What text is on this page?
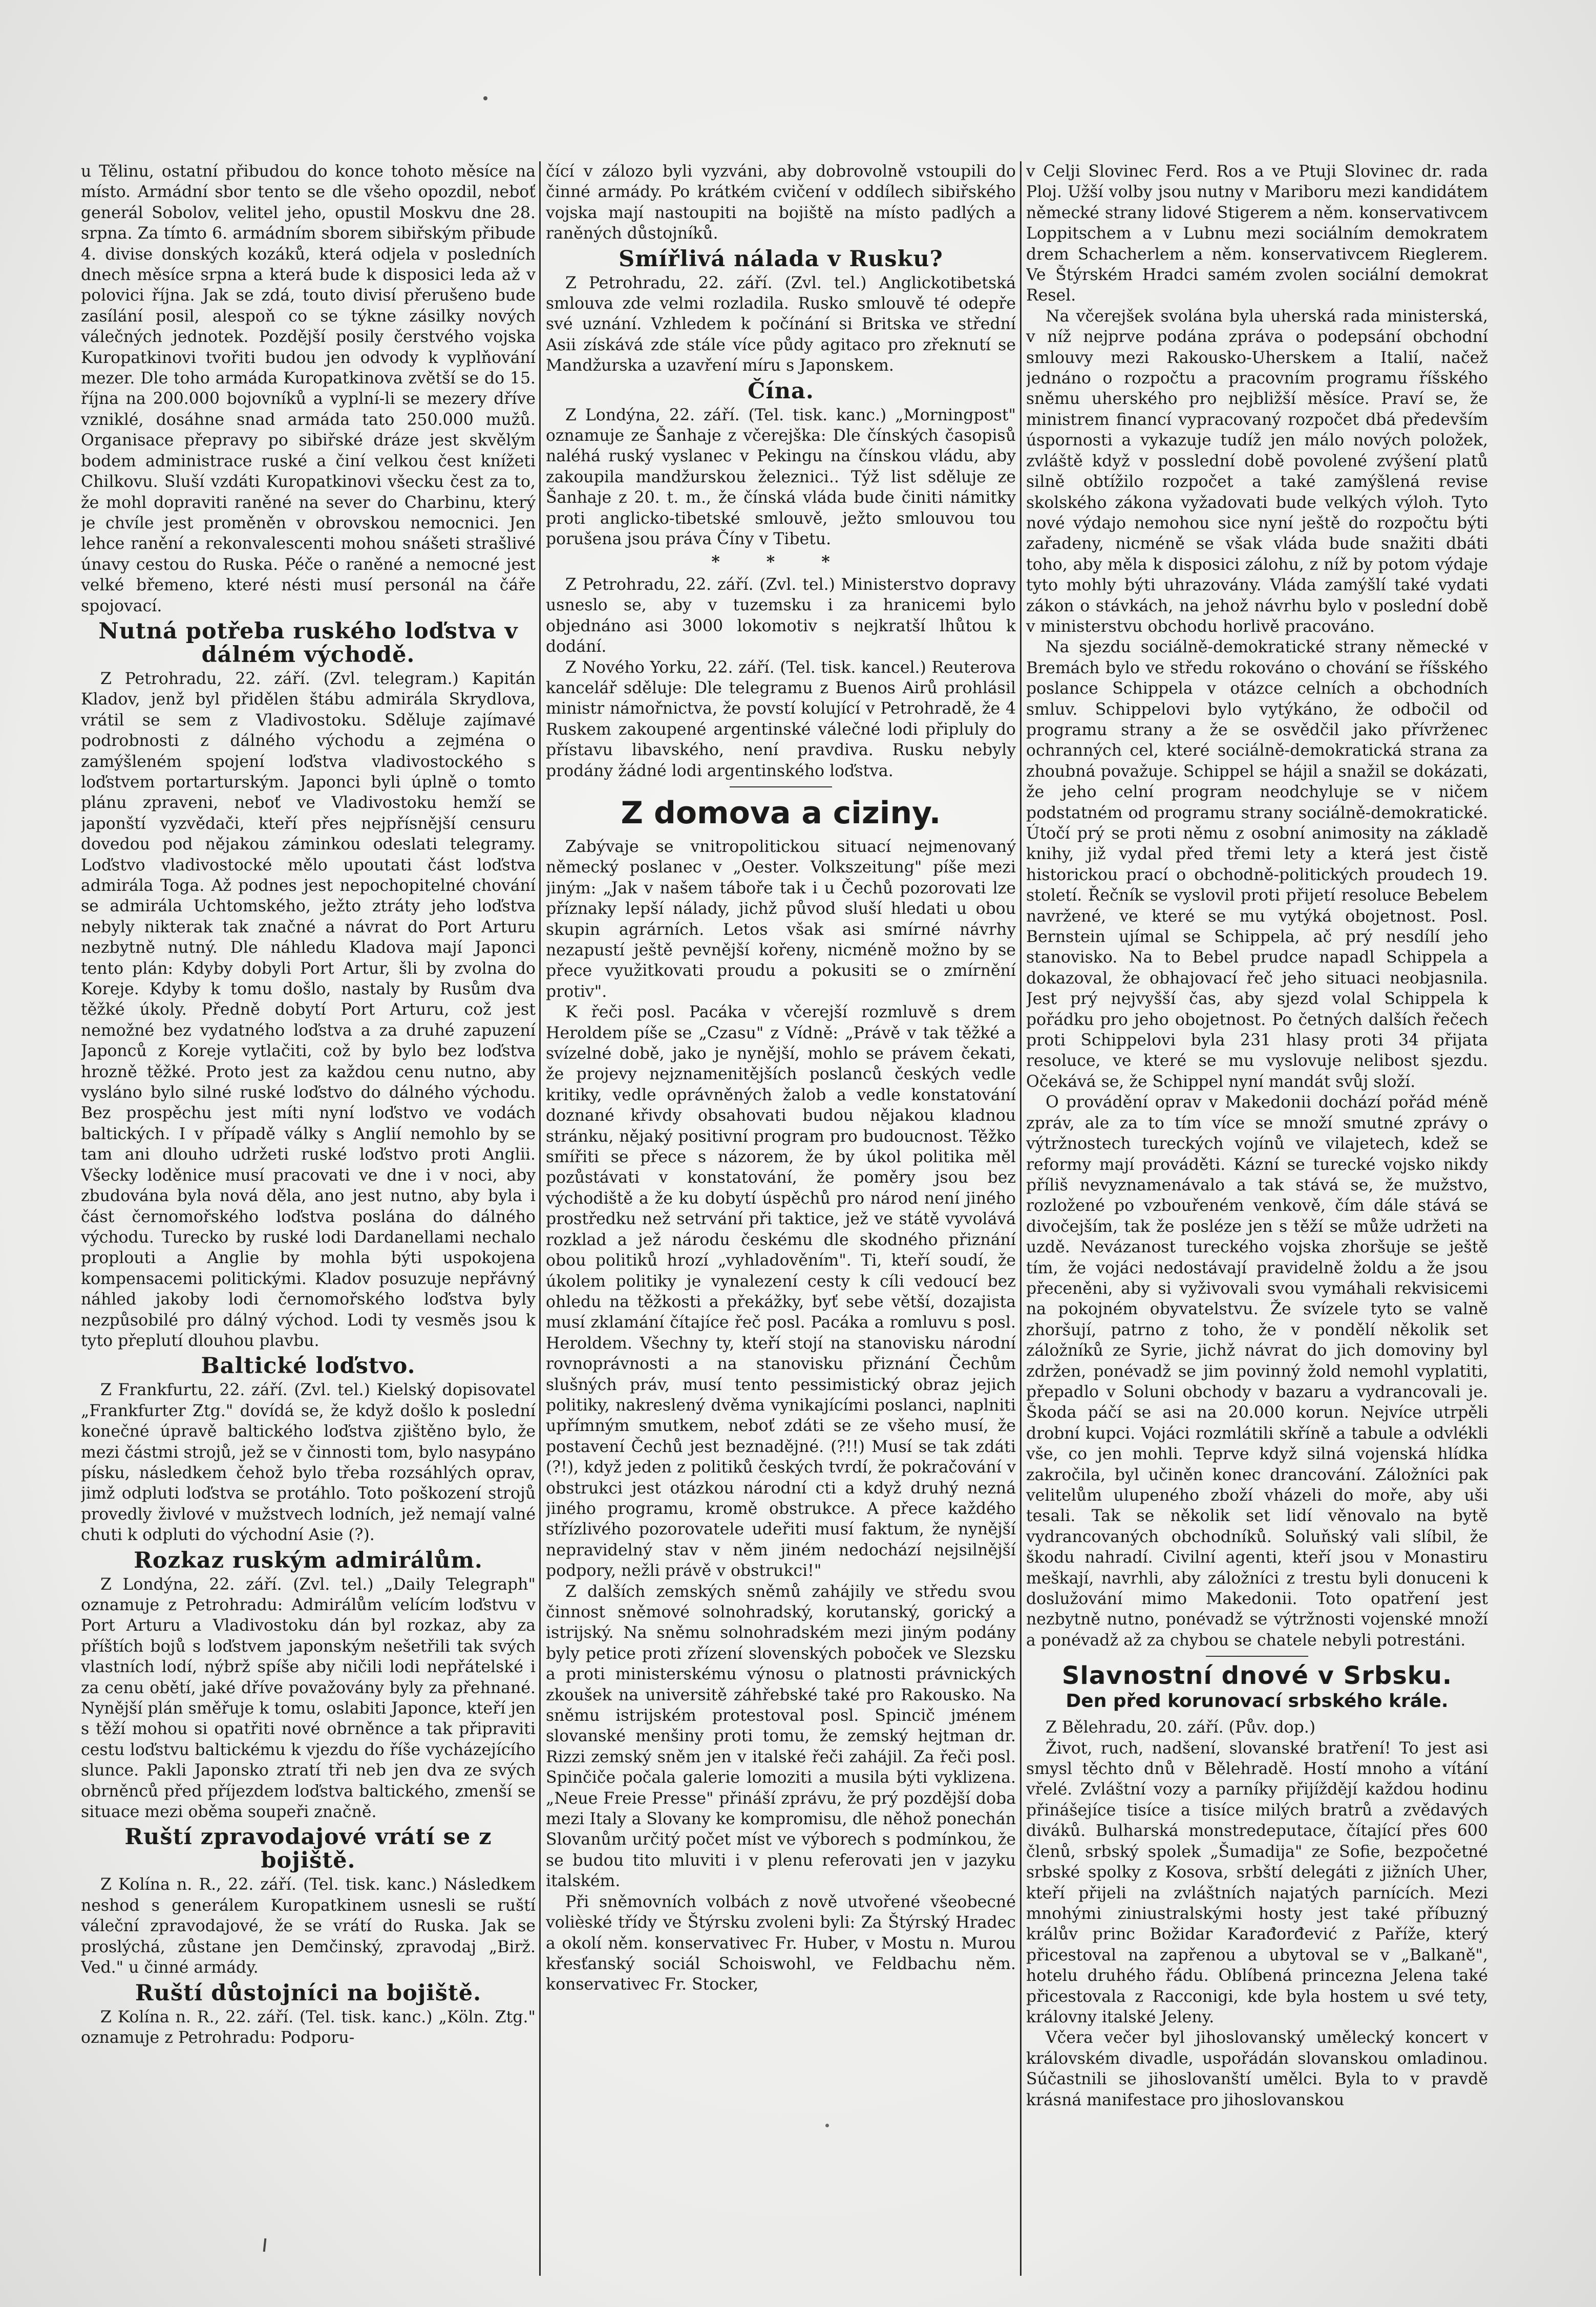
u Tělinu, ostatní přibudou do konce tohoto měsíce na místo. Armádní sbor tento se dle všeho opozdil, neboť generál Sobolov, velitel jeho, opustil Moskvu dne 28. srpna. Za tímto 6. armádním sborem sibiřským přibude 4. divise donských kozáků, která odjela v posledních dnech měsíce srpna a která bude k disposici leda až v polovici října. Jak se zdá, touto divisí přerušeno bude zasílání posil, alespoň co se týkne zásilky nových válečných jednotek. Pozdější posily čerstvého vojska Kuropatkinovi tvořiti budou jen odvody k vyplňování mezer. Dle toho armáda Kuropatkinova zvětší se do 15. října na 200.000 bojovníků a vyplní-li se mezery dříve vzniklé, dosáhne snad armáda tato 250.000 mužů. Organisace přepravy po sibiřské dráze jest skvělým bodem administrace ruské a činí velkou čest knížeti Chilkovu. Sluší vzdáti Kuropatkinovi všecku čest za to, že mohl dopraviti raněné na sever do Charbinu, který je chvíle jest proměněn v obrovskou nemocnici. Jen lehce ranění a rekonvalescenti mohou snášeti strašlivé únavy cestou do Ruska. Péče o raněné a nemocné jest velké břemeno, které nésti musí personál na čáře spojovací.

Nutná potřeba ruského loďstva v dálném východě.

Z Petrohradu, 22. září. (Zvl. telegram.) Kapitán Kladov, jenž byl přidělen štábu admirála Skrydlova, vrátil se sem z Vladivostoku. Sděluje zajímavé podrobnosti z dálného východu a zejména o zamýšleném spojení loďstva vladivostockého s loďstvem portarturským. Japonci byli úplně o tomto plánu zpraveni, neboť ve Vladivostoku hemží se japonští vyzvědači, kteří přes nejpřísnější censuru dovedou pod nějakou záminkou odeslati telegramy. Loďstvo vladivostocké mělo upoutati část loďstva admirála Toga. Až podnes jest nepochopitelné chování se admirála Uchtomského, ježto ztráty jeho loďstva nebyly nikterak tak značné a návrat do Port Arturu nezbytně nutný. Dle náhledu Kladova mají Japonci tento plán: Kdyby dobyli Port Artur, šli by zvolna do Koreje. Kdyby k tomu došlo, nastaly by Rusům dva těžké úkoly. Předně dobytí Port Arturu, což jest nemožné bez vydatného loďstva a za druhé zapuzení Japonců z Koreje vytlačiti, což by bylo bez loďstva hrozně těžké. Proto jest za každou cenu nutno, aby vysláno bylo silné ruské loďstvo do dálného východu. Bez prospěchu jest míti nyní loďstvo ve vodách baltických. I v případě války s Anglií nemohlo by se tam ani dlouho udržeti ruské loďstvo proti Anglii. Všecky loděnice musí pracovati ve dne i v noci, aby zbudována byla nová děla, ano jest nutno, aby byla i část černomořského loďstva poslána do dálného východu. Turecko by ruské lodi Dardanellami nechalo proplouti a Anglie by mohla býti uspokojena kompensacemi politickými. Kladov posuzuje nepřávný náhled jakoby lodi černomořského loďstva byly nezpůsobilé pro dálný východ. Lodi ty vesměs jsou k tyto přeplutí dlouhou plavbu.

Baltické loďstvo.

Z Frankfurtu, 22. září. (Zvl. tel.) Kielský dopisovatel „Frankfurter Ztg." dovídá se, že když došlo k poslední konečné úpravě baltického loďstva zjištěno bylo, že mezi částmi strojů, jež se v činnosti tom, bylo nasypáno písku, následkem čehož bylo třeba rozsáhlých oprav, jimž odpluti loďstva se protáhlo. Toto poškození strojů provedly živlové v mužstvech lodních, jež nemají valné chuti k odpluti do východní Asie (?).

Rozkaz ruským admirálům.

Z Londýna, 22. září. (Zvl. tel.) „Daily Telegraph" oznamuje z Petrohradu: Admirálům velícím loďstvu v Port Arturu a Vladivostoku dán byl rozkaz, aby za příštích bojů s loďstvem japonským nešetřili tak svých vlastních lodí, nýbrž spíše aby ničili lodi nepřátelské i za cenu obětí, jaké dříve považovány byly za přehnané. Nynější plán směřuje k tomu, oslabiti Japonce, kteří jen s těží mohou si opatřiti nové obrněnce a tak připraviti cestu loďstvu baltickému k vjezdu do říše vycházejícího slunce. Pakli Japonsko ztratí tři neb jen dva ze svých obrněnců před příjezdem loďstva baltického, zmenší se situace mezi oběma soupeři značně.

Ruští zpravodajové vrátí se z bojiště.

Z Kolína n. R., 22. září. (Tel. tisk. kanc.) Následkem neshod s generálem Kuropatkinem usnesli se ruští váleční zpravodajové, že se vrátí do Ruska. Jak se proslýchá, zůstane jen Demčinský, zpravodaj „Birž. Ved." u činné armády.

Ruští důstojníci na bojiště.

Z Kolína n. R., 22. září. (Tel. tisk. kanc.) „Köln. Ztg." oznamuje z Petrohradu: Podporu-

čící v zálozo byli vyzváni, aby dobrovolně vstoupili do činné armády. Po krátkém cvičení v oddílech sibiřského vojska mají nastoupiti na bojiště na místo padlých a raněných důstojníků.

Smířlivá nálada v Rusku?

Z Petrohradu, 22. září. (Zvl. tel.) Anglickotibetská smlouva zde velmi rozladila. Rusko smlouvě té odepře své uznání. Vzhledem k počínání si Britska ve střední Asii získává zde stále více půdy agitaco pro zřeknutí se Mandžurska a uzavření míru s Japonskem.

Čína.

Z Londýna, 22. září. (Tel. tisk. kanc.) „Morningpost" oznamuje ze Šanhaje z včerejška: Dle čínských časopisů naléhá ruský vyslanec v Pekingu na čínskou vládu, aby zakoupila mandžurskou železnici.. Týž list sděluje ze Šanhaje z 20. t. m., že čínská vláda bude činiti námitky proti anglicko-tibetské smlouvě, ježto smlouvou tou porušena jsou práva Číny v Tibetu.

* * *

Z Petrohradu, 22. září. (Zvl. tel.) Ministerstvo dopravy usneslo se, aby v tuzemsku i za hranicemi bylo objednáno asi 3000 lokomotiv s nejkratší lhůtou k dodání.

Z Nového Yorku, 22. září. (Tel. tisk. kancel.) Reuterova kancelář sděluje: Dle telegramu z Buenos Airů prohlásil ministr námořnictva, že povstí kolující v Petrohradě, že 4 Ruskem zakoupené argentinské válečné lodi připluly do přístavu libavského, není pravdiva. Rusku nebyly prodány žádné lodi argentinského loďstva.

Z domova a ciziny.

Zabývaje se vnitropolitickou situací nejmenovaný německý poslanec v „Oester. Volkszeitung" píše mezi jiným: „Jak v našem táboře tak i u Čechů pozorovati lze příznaky lepší nálady, jichž původ sluší hledati u obou skupin agrárních. Letos však asi smírné návrhy nezapustí ještě pevnější kořeny, nicméně možno by se přece využitkovati proudu a pokusiti se o zmírnění protiv".

K řeči posl. Pacáka v včerejší rozmluvě s drem Heroldem píše se „Czasu" z Vídně: „Právě v tak těžké a svízelné době, jako je nynější, mohlo se právem čekati, že projevy nejznamenitějších poslanců českých vedle kritiky, vedle oprávněných žalob a vedle konstatování doznané křivdy obsahovati budou nějakou kladnou stránku, nějaký positivní program pro budoucnost. Těžko smířiti se přece s názorem, že by úkol politika měl pozůstávati v konstatování, že poměry jsou bez východiště a že ku dobytí úspěchů pro národ není jiného prostředku než setrvání při taktice, jež ve státě vyvolává rozklad a jež národu českému dle skodného přiznání obou politiků hrozí „vyhladověním". Ti, kteří soudí, že úkolem politiky je vynalezení cesty k cíli vedoucí bez ohledu na těžkosti a překážky, byť sebe větší, dozajista musí zklamání čítajíce řeč posl. Pacáka a romluvu s posl. Heroldem. Všechny ty, kteří stojí na stanovisku národní rovnoprávnosti a na stanovisku přiznání Čechům slušných práv, musí tento pessimistický obraz jejich politiky, nakreslený dvěma vynikajícími poslanci, naplniti upřímným smutkem, neboť zdáti se ze všeho musí, že postavení Čechů jest beznadějné. (?!!) Musí se tak zdáti (?!), když jeden z politiků českých tvrdí, že pokračování v obstrukci jest otázkou národní cti a když druhý nezná jiného programu, kromě obstrukce. A přece každého střízlivého pozorovatele udeřiti musí faktum, že nynější nepravidelný stav v něm jiném nedochází nejsilnější podpory, nežli právě v obstrukci!"

Z dalších zemských sněmů zahájily ve středu svou činnost sněmové solnohradský, korutanský, gorický a istrijský. Na sněmu solnohradském mezi jiným podány byly petice proti zřízení slovenských poboček ve Slezsku a proti ministerskému výnosu o platnosti právnických zkoušek na universitě záhřebské také pro Rakousko. Na sněmu istrijském protestoval posl. Spincič jménem slovanské menšiny proti tomu, že zemský hejtman dr. Rizzi zemský sněm jen v italské řeči zahájil. Za řeči posl. Spinčiče počala galerie lomoziti a musila býti vyklizena. „Neue Freie Presse" přináší zprávu, že prý pozdější doba mezi Italy a Slovany ke kompromisu, dle něhož ponechán Slovanům určitý počet míst ve výborech s podmínkou, že se budou tito mluviti i v plenu referovati jen v jazyku italském.

Při sněmovních volbách z nově utvořené všeobecné volièské třídy ve Štýrsku zvoleni byli: Za Štýrský Hradec a okolí něm. konservativec Fr. Huber, v Mostu n. Murou křesťanský sociál Schoiswohl, ve Feldbachu něm. konservativec Fr. Stocker,

v Celji Slovinec Ferd. Ros a ve Ptuji Slovinec dr. rada Ploj. Užší volby jsou nutny v Mariboru mezi kandidátem německé strany lidové Stigerem a něm. konservativcem Loppitschem a v Lubnu mezi sociálním demokratem drem Schacherlem a něm. konservativcem Rieglerem. Ve Štýrském Hradci samém zvolen sociální demokrat Resel.

Na včerejšek svolána byla uherská rada ministerská, v níž nejprve podána zpráva o podepsání obchodní smlouvy mezi Rakousko-Uherskem a Italií, načež jednáno o rozpočtu a pracovním programu říšského sněmu uherského pro nejbližší měsíce. Praví se, že ministrem financí vypracovaný rozpočet dbá především úspornosti a vykazuje tudíž jen málo nových položek, zvláště když v posslední době povolené zvýšení platů silně obtížilo rozpočet a také zamýšlená revise skolského zákona vyžadovati bude velkých výloh. Tyto nové výdajo nemohou sice nyní ještě do rozpočtu býti zařadeny, nicméně se však vláda bude snažiti dbáti toho, aby měla k disposici zálohu, z níž by potom výdaje tyto mohly býti uhrazovány. Vláda zamýšlí také vydati zákon o stávkách, na jehož návrhu bylo v poslední době v ministerstvu obchodu horlivě pracováno.

Na sjezdu sociálně-demokratické strany německé v Bremách bylo ve středu rokováno o chování se říšského poslance Schippela v otázce celních a obchodních smluv. Schippelovi bylo vytýkáno, že odbočil od programu strany a že se osvědčil jako přívrženec ochranných cel, které sociálně-demokratická strana za zhoubná považuje. Schippel se hájil a snažil se dokázati, že jeho celní program neodchyluje se v ničem podstatném od programu strany sociálně-demokratické. Útočí prý se proti němu z osobní animosity na základě knihy, již vydal před třemi lety a která jest čistě historickou prací o obchodně-politických proudech 19. století. Řečník se vyslovil proti přijetí resoluce Bebelem navržené, ve které se mu vytýká obojetnost. Posl. Bernstein ujímal se Schippela, ač prý nesdílí jeho stanovisko. Na to Bebel prudce napadl Schippela a dokazoval, že obhajovací řeč jeho situaci neobjasnila. Jest prý nejvyšší čas, aby sjezd volal Schippela k pořádku pro jeho obojetnost. Po četných dalších řečech proti Schippelovi byla 231 hlasy proti 34 přijata resoluce, ve které se mu vyslovuje nelibost sjezdu. Očekává se, že Schippel nyní mandát svůj složí.

O provádění oprav v Makedonii dochází pořád méně zpráv, ale za to tím více se množí smutné zprávy o výtržnostech tureckých vojínů ve vilajetech, kdež se reformy mají prováděti. Kázní se turecké vojsko nikdy příliš nevyznamenávalo a tak stává se, že mužstvo, rozložené po vzbouřeném venkově, čím dále stává se divočejším, tak že posléze jen s těží se může udržeti na uzdě. Nevázanost tureckého vojska zhoršuje se ještě tím, že vojáci nedostávají pravidelně žoldu a že jsou přeceněni, aby si vyživovali svou vymáhali rekvisicemi na pokojném obyvatelstvu. Že svízele tyto se valně zhoršují, patrno z toho, že v pondělí několik set záložníků ze Syrie, jichž návrat do jich domoviny byl zdržen, ponévadž se jim povinný žold nemohl vyplatiti, přepadlo v Soluni obchody v bazaru a vydrancovali je. Škoda páčí se asi na 20.000 korun. Nejvíce utrpěli drobní kupci. Vojáci rozmlátili skříně a tabule a odvlékli vše, co jen mohli. Teprve když silná vojenská hlídka zakročila, byl učiněn konec drancování. Záložníci pak velitelům ulupeného zboží vházeli do moře, aby uši tesali. Tak se několik set lidí věnovalo na bytě vydrancovaných obchodníků. Soluňský vali slíbil, že škodu nahradí. Civilní agenti, kteří jsou v Monastiru meškají, navrhli, aby záložníci z trestu byli donuceni k doslužování mimo Makedonii. Toto opatření jest nezbytně nutno, ponévadž se výtržnosti vojenské množí a ponévadž až za chybou se chatele nebyli potrestáni.

Slavnostní dnové v Srbsku.
Den před korunovací srbského krále.

Z Bělehradu, 20. září. (Pův. dop.)

Život, ruch, nadšení, slovanské bratření! To jest asi smysl těchto dnů v Bělehradě. Hostí mnoho a vítání vřelé. Zvláštní vozy a parníky přijíždějí každou hodinu přinášejíce tisíce a tisíce milých bratrů a zvědavých diváků. Bulharská monstredeputace, čítající přes 600 členů, srbský spolek „Šumadija" ze Sofie, bezpočetné srbské spolky z Kosova, srbští delegáti z jižních Uher, kteří přijeli na zvláštních najatých parnících. Mezi mnohými ziniustralskými hosty jest také příbuzný králův princ Božidar Karađorđević z Paříže, který přicestoval na zapřenou a ubytoval se v „Balkaně", hotelu druhého řádu. Oblíbená princezna Jelena také přicestovala z Racconigi, kde byla hostem u své tety, královny italské Jeleny.

Včera večer byl jihoslovanský umělecký koncert v královském divadle, uspořádán slovanskou omladinou. Súčastnili se jihoslovanští umělci. Byla to v pravdě krásná manifestace pro jihoslovanskou
